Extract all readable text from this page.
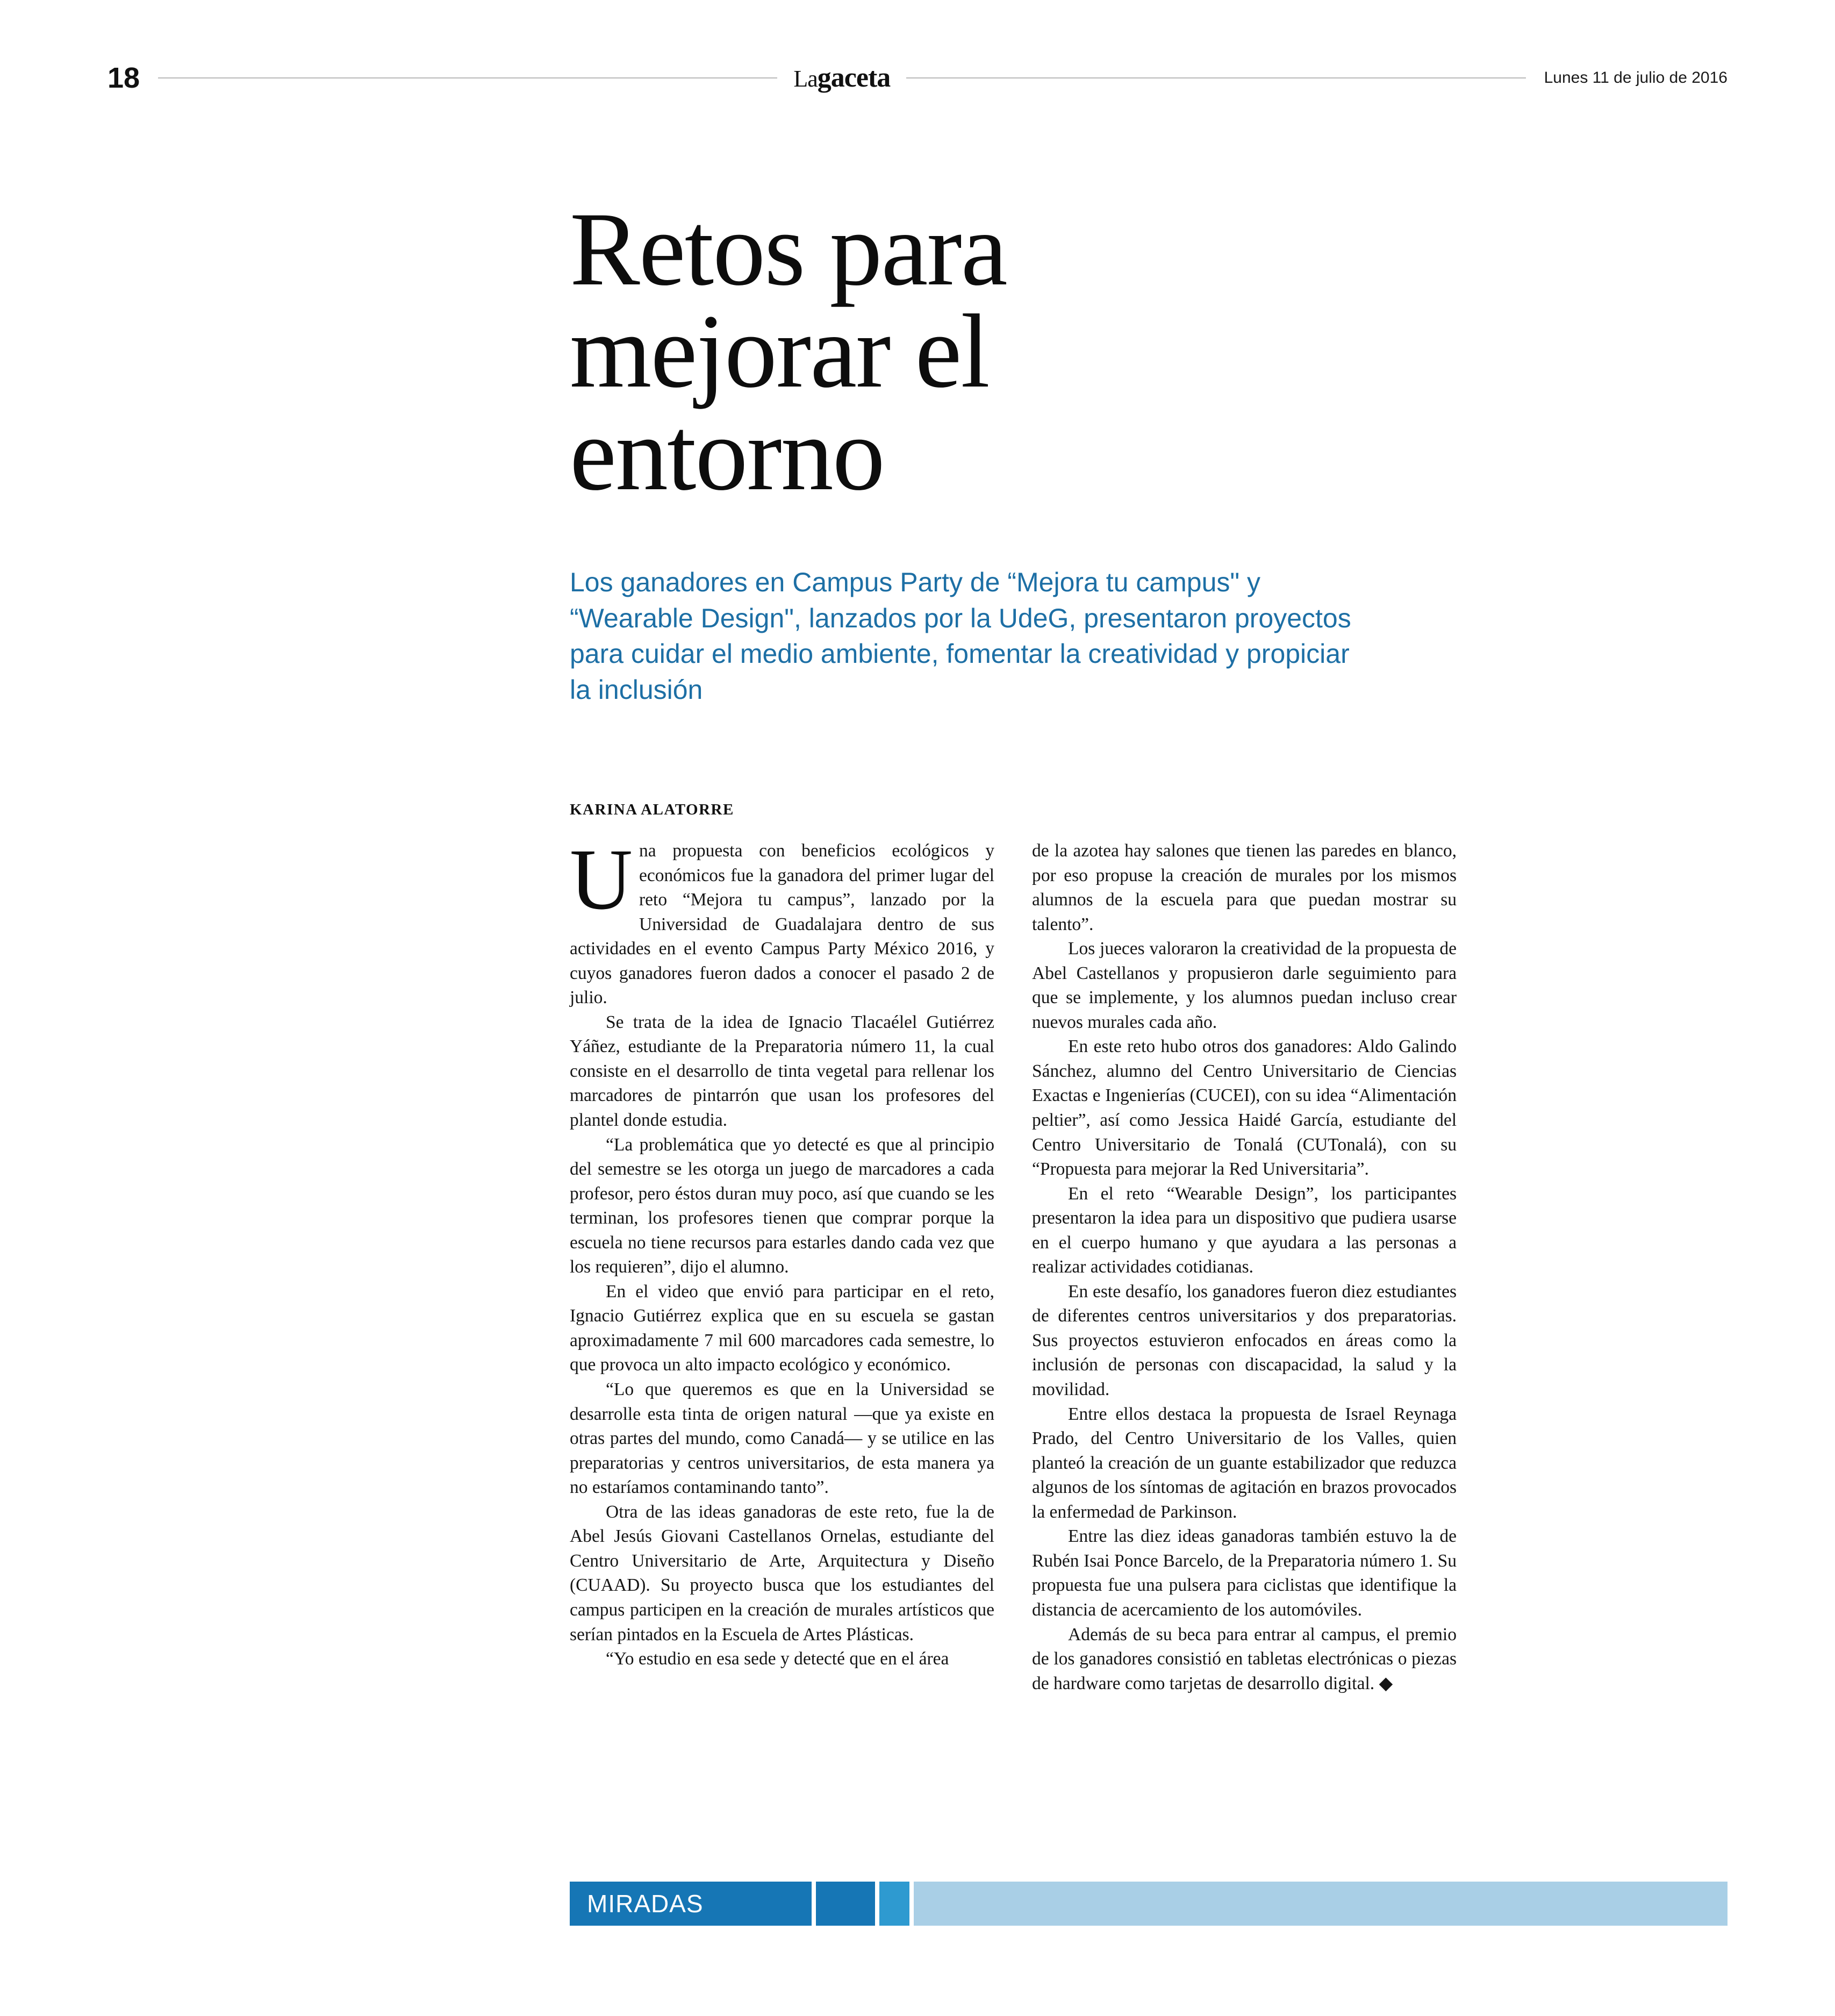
18	Lagaceta	Lunes 11 de julio de 2016
Retos para
mejorar el
entorno
Los ganadores en Campus Party de “Mejora tu campus" y “Wearable Design", lanzados por la UdeG, presentaron proyectos para cuidar el medio ambiente, fomentar la creatividad y propiciar la inclusión
KARINA ALATORRE

Una propuesta con beneficios ecológicos y económicos fue la ganadora del primer lugar del reto “Mejora tu campus”, lanzado por la Universidad de Guadalajara dentro de sus actividades en el evento Campus Party México 2016, y cuyos ganadores fueron dados a conocer el pasado 2 de julio.

Se trata de la idea de Ignacio Tlacaélel Gutiérrez Yáñez, estudiante de la Preparatoria número 11, la cual consiste en el desarrollo de tinta vegetal para rellenar los marcadores de pintarrón que usan los profesores del plantel donde estudia.

“La problemática que yo detecté es que al principio del semestre se les otorga un juego de marcadores a cada profesor, pero éstos duran muy poco, así que cuando se les terminan, los profesores tienen que comprar porque la escuela no tiene recursos para estarles dando cada vez que los requieren”, dijo el alumno.

En el video que envió para participar en el reto, Ignacio Gutiérrez explica que en su escuela se gastan aproximadamente 7 mil 600 marcadores cada semestre, lo que provoca un alto impacto ecológico y económico.

“Lo que queremos es que en la Universidad se desarrolle esta tinta de origen natural —que ya existe en otras partes del mundo, como Canadá— y se utilice en las preparatorias y centros universitarios, de esta manera ya no estaríamos contaminando tanto”.

Otra de las ideas ganadoras de este reto, fue la de Abel Jesús Giovani Castellanos Ornelas, estudiante del Centro Universitario de Arte, Arquitectura y Diseño (CUAAD). Su proyecto busca que los estudiantes del campus participen en la creación de murales artísticos que serían pintados en la Escuela de Artes Plásticas.

“Yo estudio en esa sede y detecté que en el área

de la azotea hay salones que tienen las paredes en blanco, por eso propuse la creación de murales por los mismos alumnos de la escuela para que puedan mostrar su talento”.

Los jueces valoraron la creatividad de la propuesta de Abel Castellanos y propusieron darle seguimiento para que se implemente, y los alumnos puedan incluso crear nuevos murales cada año.

En este reto hubo otros dos ganadores: Aldo Galindo Sánchez, alumno del Centro Universitario de Ciencias Exactas e Ingenierías (CUCEI), con su idea “Alimentación peltier”, así como Jessica Haidé García, estudiante del Centro Universitario de Tonalá (CUTonalá), con su “Propuesta para mejorar la Red Universitaria”.

En el reto “Wearable Design”, los participantes presentaron la idea para un dispositivo que pudiera usarse en el cuerpo humano y que ayudara a las personas a realizar actividades cotidianas.

En este desafío, los ganadores fueron diez estudiantes de diferentes centros universitarios y dos preparatorias. Sus proyectos estuvieron enfocados en áreas como la inclusión de personas con discapacidad, la salud y la movilidad.

Entre ellos destaca la propuesta de Israel Reynaga Prado, del Centro Universitario de los Valles, quien planteó la creación de un guante estabilizador que reduzca algunos de los síntomas de agitación en brazos provocados la enfermedad de Parkinson.

Entre las diez ideas ganadoras también estuvo la de Rubén Isai Ponce Barcelo, de la Preparatoria número 1. Su propuesta fue una pulsera para ciclistas que identifique la distancia de acercamiento de los automóviles.

Además de su beca para entrar al campus, el premio de los ganadores consistió en tabletas electrónicas o piezas de hardware como tarjetas de desarrollo digital. ◆

MIRADAS
